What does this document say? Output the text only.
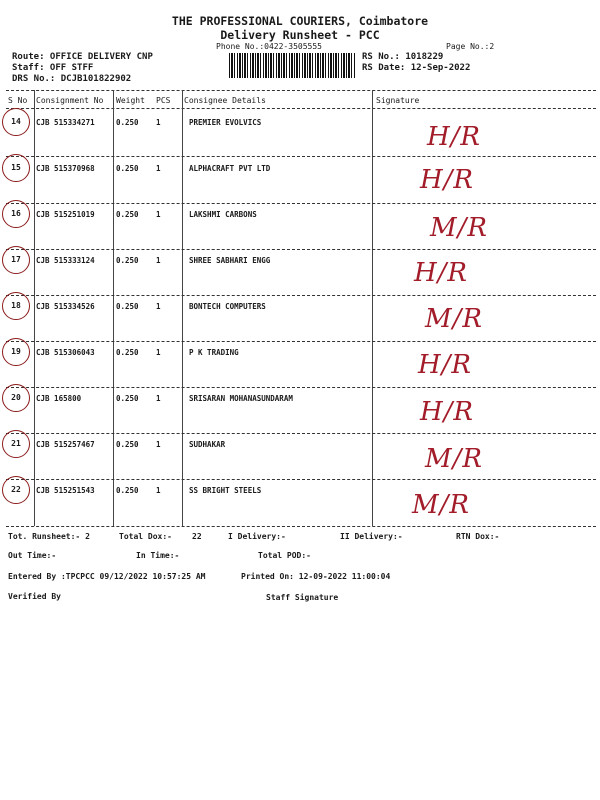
THE PROFESSIONAL COURIERS, Coimbatore
Delivery Runsheet - PCC
Phone No.:0422-3505555	Page No.:2
Route: OFFICE DELIVERY CNP
Staff: OFF STFF
DRS No.: DCJB101822902
RS No.: 1018229
RS Date: 12-Sep-2022
S No Consignment No Weight PCS Consignee Details	Signature
14	CJB 515334271	0.250 1	PREMIER EVOLVICS	H/R
15	CJB 515370968	0.250 1	ALPHACRAFT PVT LTD	H/R
16	CJB 515251019	0.250 1	LAKSHMI CARBONS	M/R
17	CJB 515333124	0.250 1	SHREE SABHARI ENGG	H/R
18	CJB 515334526	0.250 1	BONTECH COMPUTERS	M/R
19	CJB 515306043	0.250 1	P K TRADING	H/R
20	CJB 165800	0.250 1	SRISARAN MOHANASUNDARAM	H/R
21	CJB 515257467	0.250 1	SUDHAKAR	M/R
22	CJB 515251543	0.250 1	SS BRIGHT STEELS	M/R
Tot. Runsheet:- 2	Total Dox:-	22	I Delivery:-	II Delivery:-	RTN Dox:-
Out Time:-	In Time:-	Total POD:-
Entered By :TPCPCC 09/12/2022 10:57:25 AM	Printed On: 12-09-2022 11:00:04
Verified By	Staff Signature
